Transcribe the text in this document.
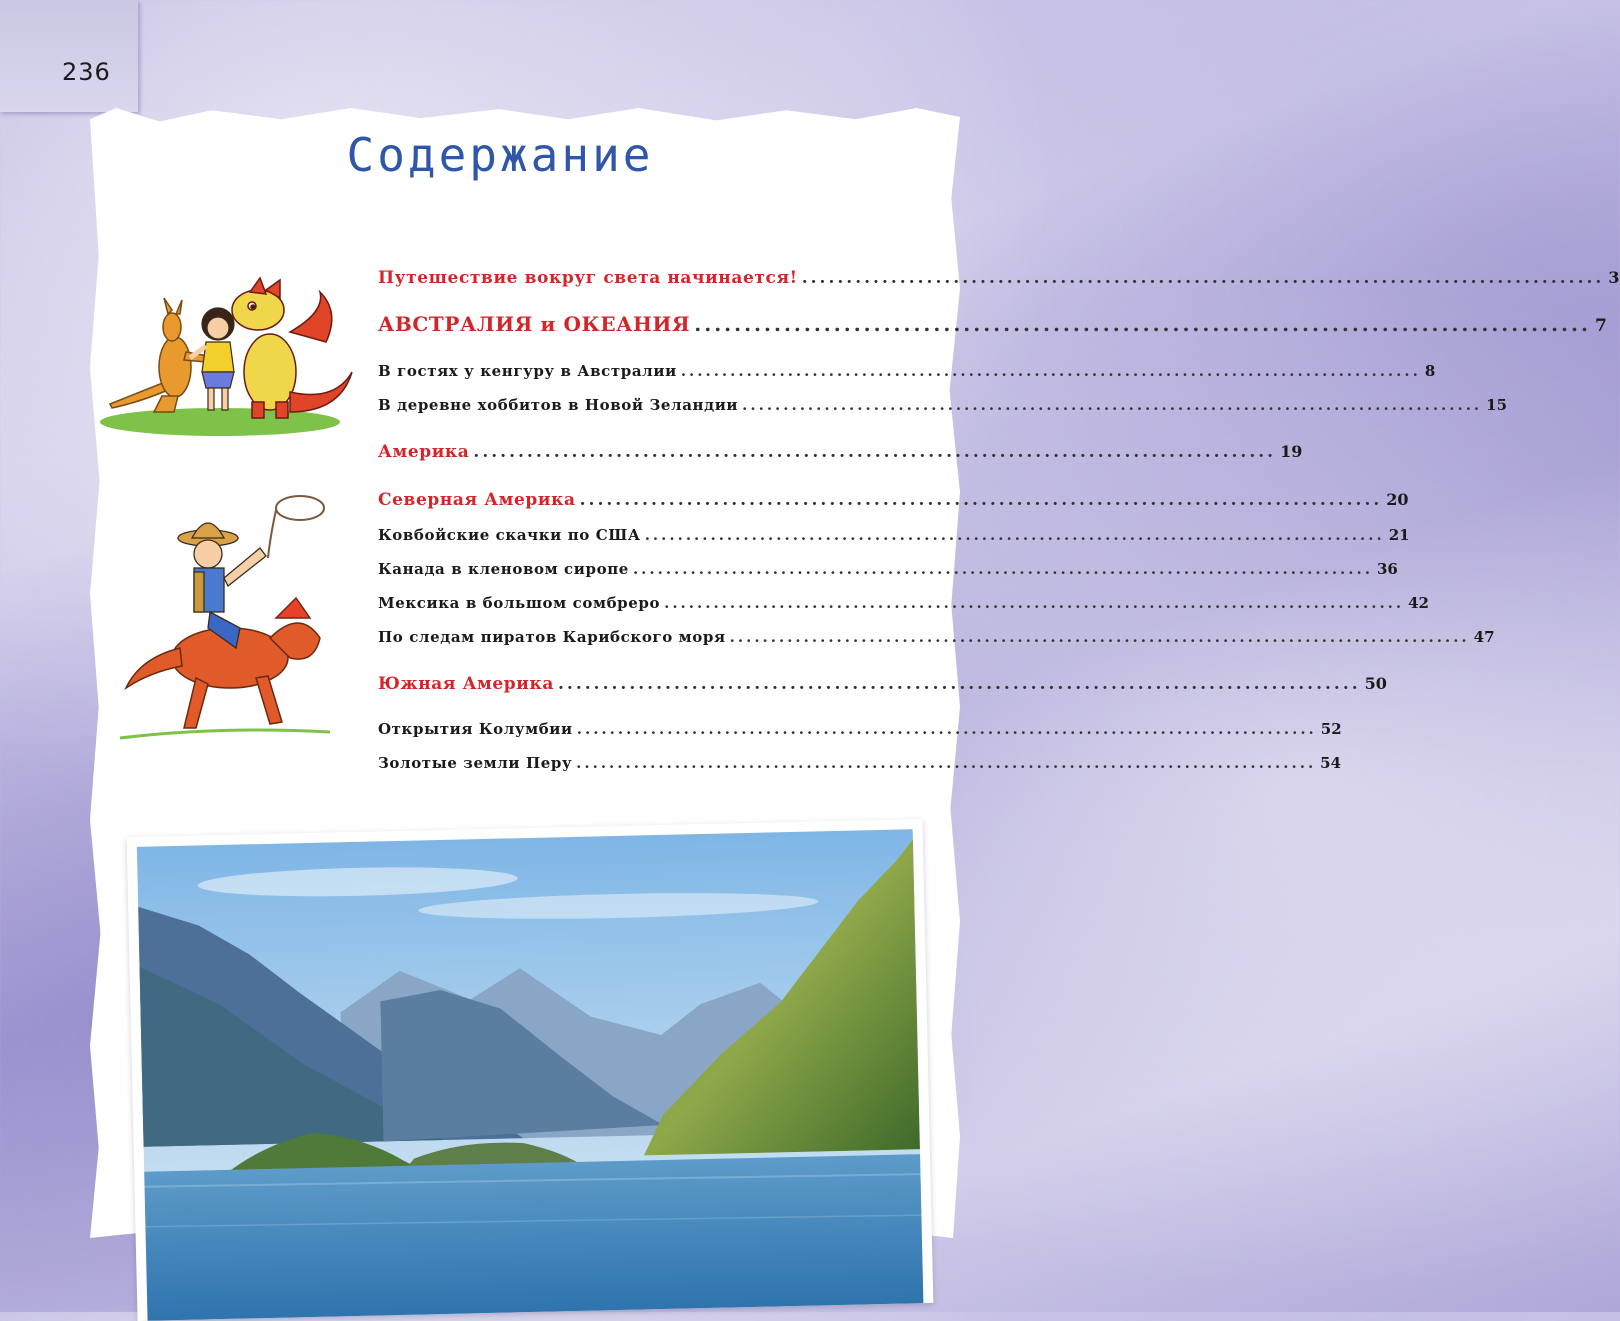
236
Содержание
Путешествие вокруг света начинается! .......................................................................................... 3
АВСТРАЛИЯ и ОКЕАНИЯ .......................................................................................... 7
В гостях у кенгуру в Австралии .......................................................................................... 8
В деревне хоббитов в Новой Зеландии .......................................................................................... 15
Америка .......................................................................................... 19
Северная Америка .......................................................................................... 20
Ковбойские скачки по США .......................................................................................... 21
Канада в кленовом сиропе .......................................................................................... 36
Мексика в большом сомбреро .......................................................................................... 42
По следам пиратов Карибского моря .......................................................................................... 47
Южная Америка .......................................................................................... 50
Открытия Колумбии .......................................................................................... 52
Золотые земли Перу .......................................................................................... 54
